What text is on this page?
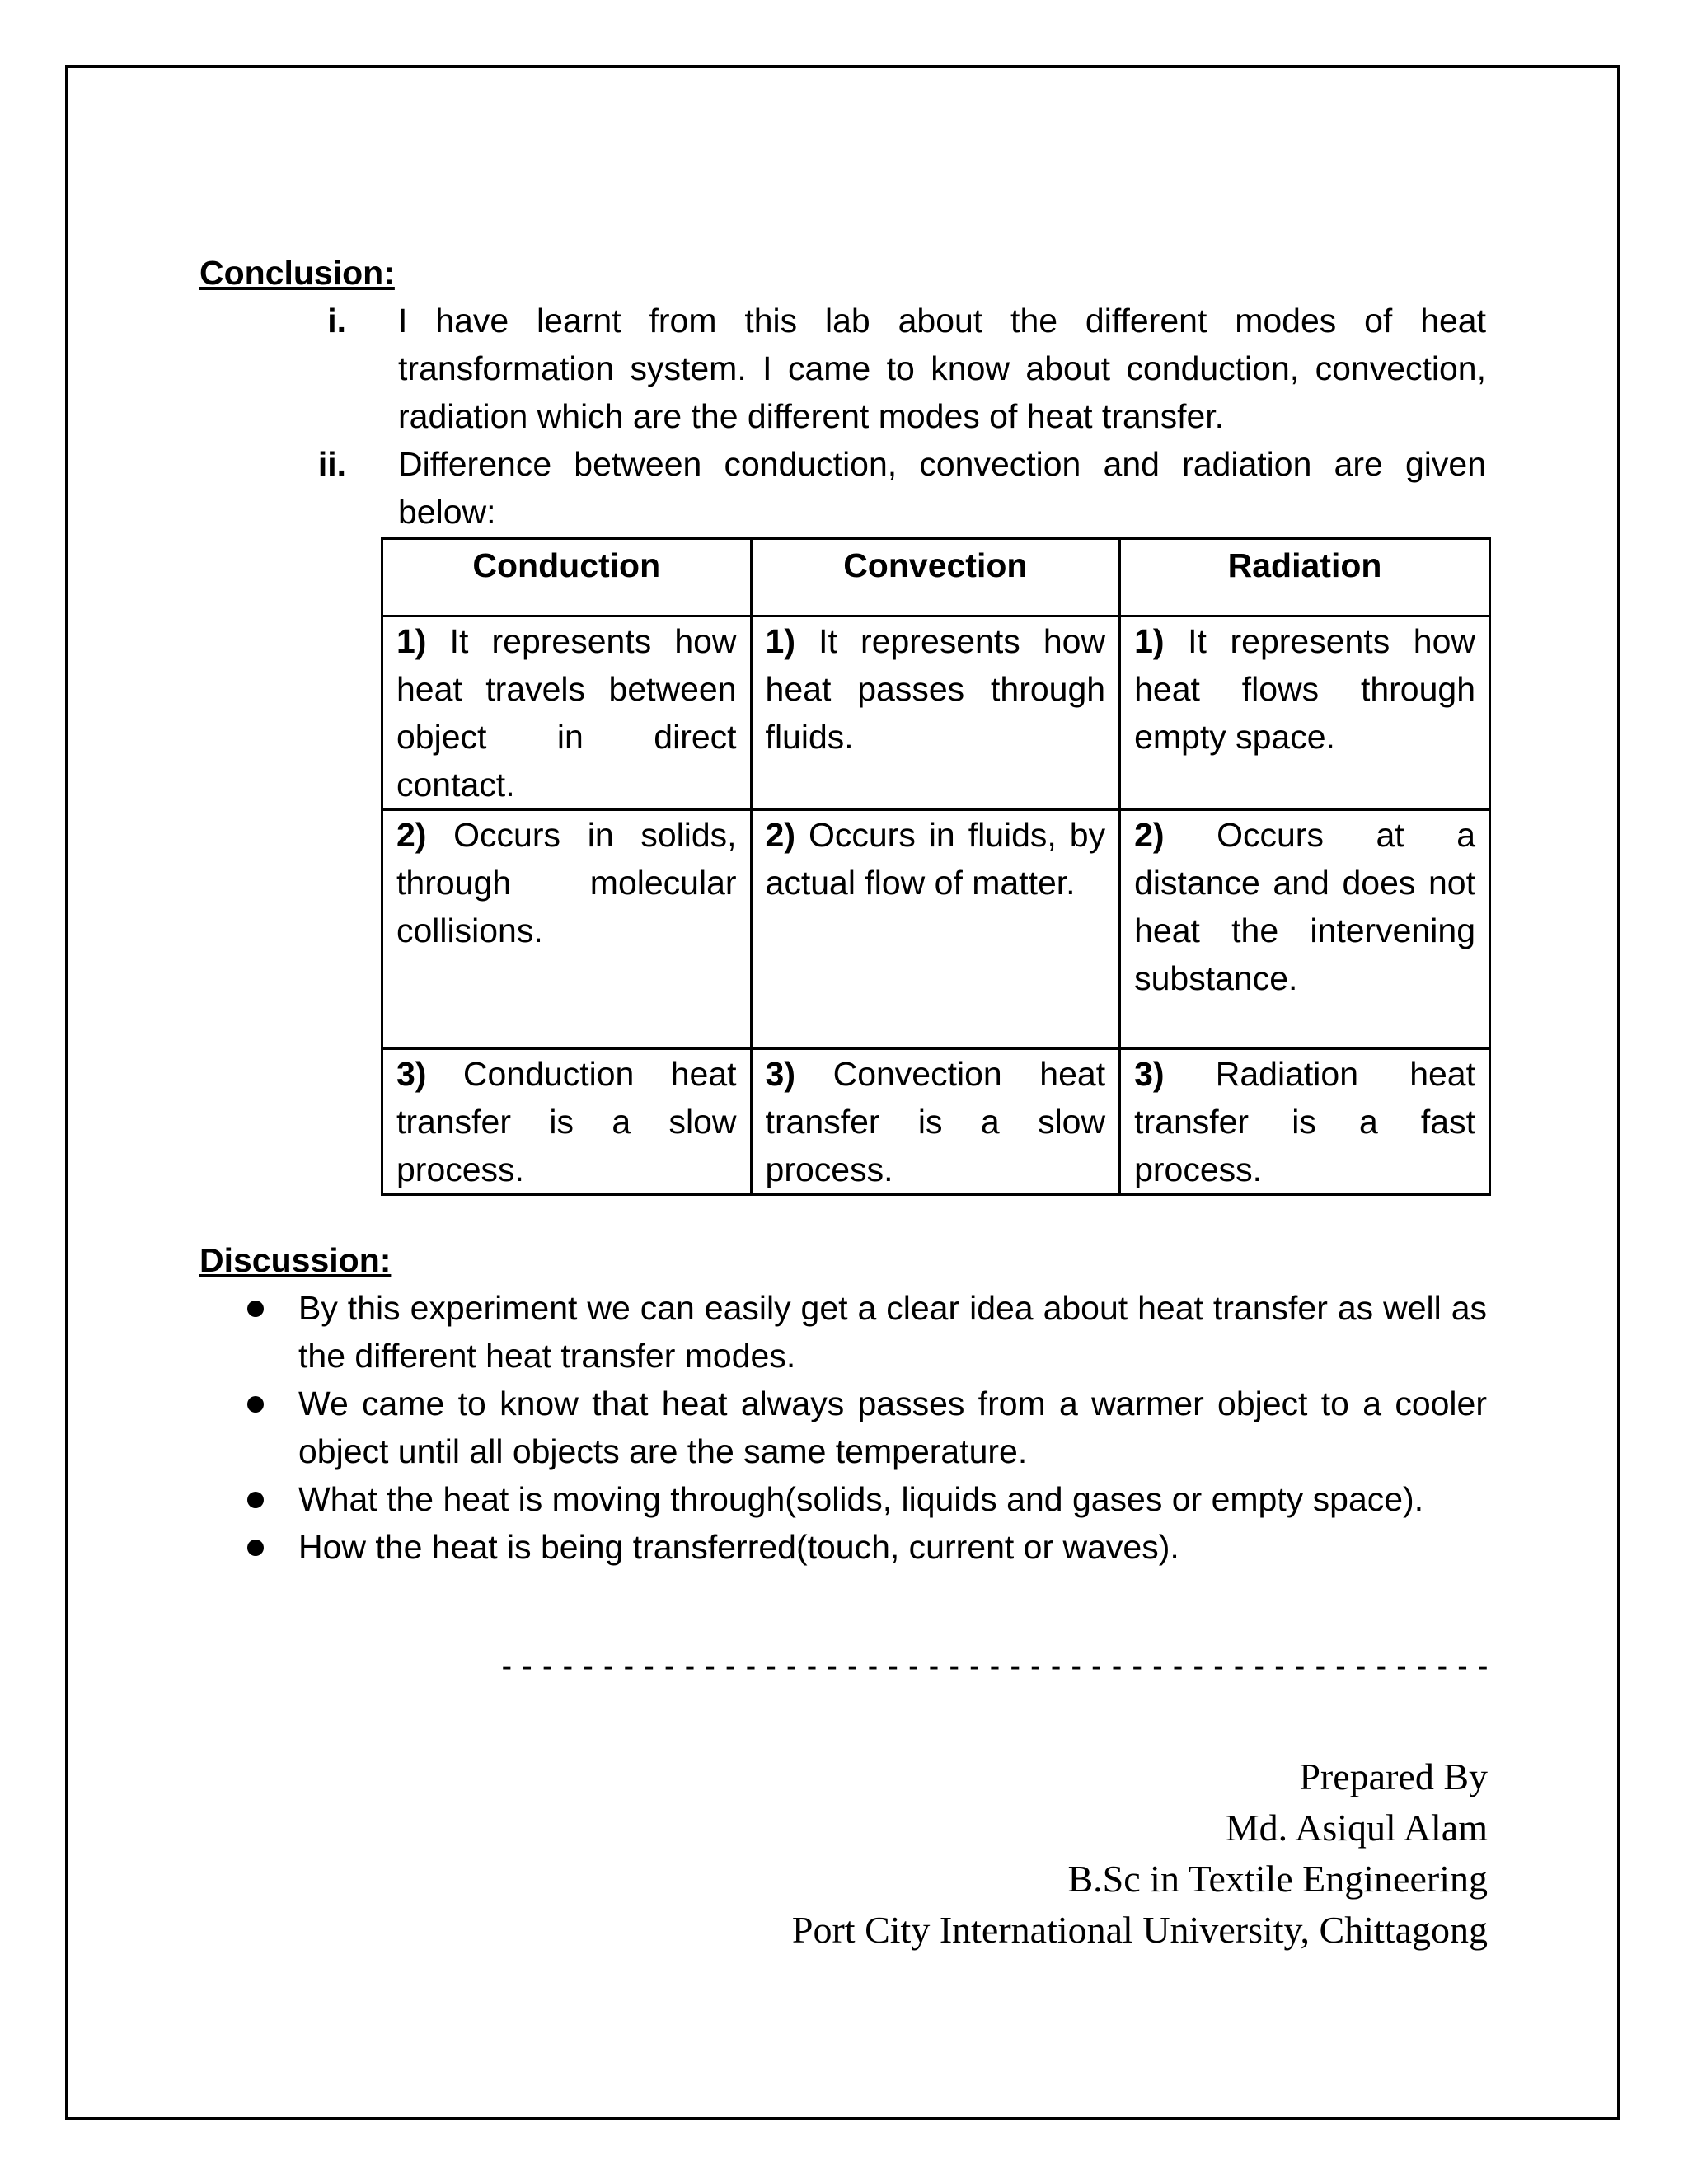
Conclusion:
i. I have learnt from this lab about the different modes of heat transformation system. I came to know about conduction, convection, radiation which are the different modes of heat transfer.
ii. Difference between conduction, convection and radiation are given below:
Conduction	Convection	Radiation
1) It represents how heat travels between object in direct contact.	1) It represents how heat passes through fluids.	1) It represents how heat flows through empty space.
2) Occurs in solids, through molecular collisions.	2) Occurs in fluids, by actual flow of matter.	2) Occurs at a distance and does not heat the intervening substance.
3) Conduction heat transfer is a slow process.	3) Convection heat transfer is a slow process.	3) Radiation heat transfer is a fast process.
Discussion:
By this experiment we can easily get a clear idea about heat transfer as well as the different heat transfer modes.
We came to know that heat always passes from a warmer object to a cooler object until all objects are the same temperature.
What the heat is moving through(solids, liquids and gases or empty space).
How the heat is being transferred(touch, current or waves).
-------------------------------------------------
Prepared By
Md. Asiqul Alam
B.Sc in Textile Engineering
Port City International University, Chittagong
